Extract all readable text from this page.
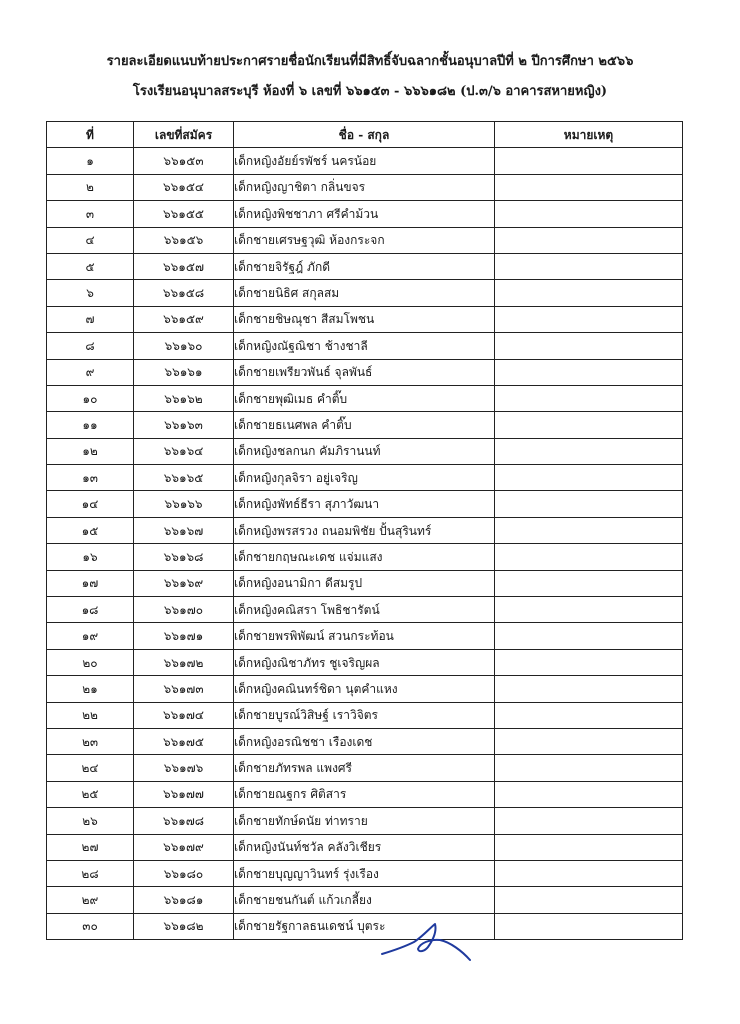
รายละเอียดแนบท้ายประกาศรายชื่อนักเรียนที่มีสิทธิ์จับฉลากชั้นอนุบาลปีที่ ๒ ปีการศึกษา ๒๕๖๖
โรงเรียนอนุบาลสระบุรี ห้องที่ ๖ เลขที่ ๖๖๑๕๓ - ๖๖๖๑๘๒ (ป.๓/๖ อาคารสหายหญิง)
ที่	เลขที่สมัคร	ชื่อ - สกุล	หมายเหตุ
๑	๖๖๑๕๓	เด็กหญิงอัยย์รพัชร์ นครน้อย	
๒	๖๖๑๕๔	เด็กหญิงญาชิตา กลิ่นขจร	
๓	๖๖๑๕๕	เด็กหญิงพิชชาภา ศรีคำม้วน	
๔	๖๖๑๕๖	เด็กชายเศรษฐวุฒิ ห้องกระจก	
๕	๖๖๑๕๗	เด็กชายจิรัฐฎ์ ภักดี	
๖	๖๖๑๕๘	เด็กชายนิธิศ สกุลสม	
๗	๖๖๑๕๙	เด็กชายชิษณุชา สีสมโพชน	
๘	๖๖๑๖๐	เด็กหญิงณัฐณิชา ช้างชาลี	
๙	๖๖๑๖๑	เด็กชายเพรียวพันธ์ จุลพันธ์	
๑๐	๖๖๑๖๒	เด็กชายพุฒิเมธ คำติ๊บ	
๑๑	๖๖๑๖๓	เด็กชายธเนศพล คำติ๊บ	
๑๒	๖๖๑๖๔	เด็กหญิงชลกนก คัมภิรานนท์	
๑๓	๖๖๑๖๕	เด็กหญิงกุลจิรา อยู่เจริญ	
๑๔	๖๖๑๖๖	เด็กหญิงพัทธ์ธีรา สุภาวัฒนา	
๑๕	๖๖๑๖๗	เด็กหญิงพรสรวง ถนอมพิชัย ปั้นสุรินทร์	
๑๖	๖๖๑๖๘	เด็กชายกฤษณะเดช แจ่มแสง	
๑๗	๖๖๑๖๙	เด็กหญิงอนามิกา ดีสมรูป	
๑๘	๖๖๑๗๐	เด็กหญิงคณิสรา โพธิชารัตน์	
๑๙	๖๖๑๗๑	เด็กชายพรพิพัฒน์ สวนกระท้อน	
๒๐	๖๖๑๗๒	เด็กหญิงณิชาภัทร ชูเจริญผล	
๒๑	๖๖๑๗๓	เด็กหญิงคณินทร์ชิดา นุตคำแหง	
๒๒	๖๖๑๗๔	เด็กชายบูรณ์วิสิษฐ์ เราวิจิตร	
๒๓	๖๖๑๗๕	เด็กหญิงอรณิชชา เรืองเดช	
๒๔	๖๖๑๗๖	เด็กชายภัทรพล แพงศรี	
๒๕	๖๖๑๗๗	เด็กชายณฐกร ศิติสาร	
๒๖	๖๖๑๗๘	เด็กชายทักษ์ดนัย ท่าทราย	
๒๗	๖๖๑๗๙	เด็กหญิงนันท์ชวัล คลังวิเชียร	
๒๘	๖๖๑๘๐	เด็กชายบุญญาวินทร์ รุ่งเรือง	
๒๙	๖๖๑๘๑	เด็กชายชนกันต์ แก้วเกลี้ยง	
๓๐	๖๖๑๘๒	เด็กชายรัฐกาลธนเดชน์ บุตระ	
